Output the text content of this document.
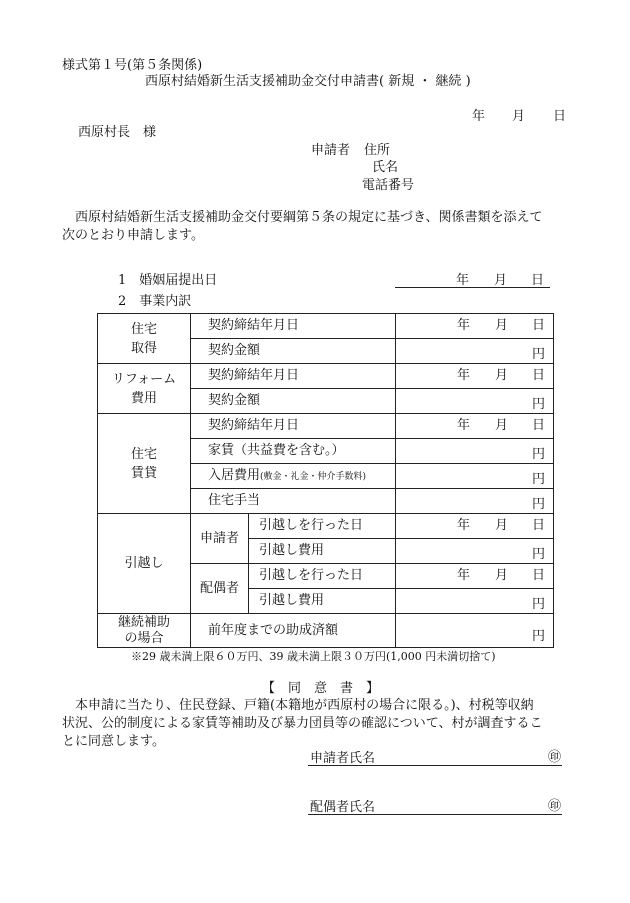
様式第１号(第５条関係)
西原村結婚新生活支援補助金交付申請書( 新規 ・ 継続 )
年 月 日
西原村長　様
申請者 住所
氏名
電話番号
　西原村結婚新生活支援補助金交付要綱第５条の規定に基づき、関係書類を添えて
次のとおり申請します。
1　婚姻届提出日	年 月 日
2　事業内訳
住宅
取得	契約締結年月日		年 月 日

	契約金額		円

リフォーム
費用	契約締結年月日		年 月 日

	契約金額		円

住宅
賃貸	契約締結年月日		年 月 日

	家賃（共益費を含む。）		円

	入居費用(敷金・礼金・仲介手数料)		円

	住宅手当		円

引越し	申請者	引越しを行った日	年 月 日

		引越し費用	円

	配偶者	引越しを行った日	年 月 日

		引越し費用	円

継続補助
の場合	前年度までの助成済額		円
※29 歳未満上限６０万円、39 歳未満上限３０万円(1,000 円未満切捨て)
【　同　意　書　】
　本申請に当たり、住民登録、戸籍(本籍地が西原村の場合に限る。)、村税等収納
状況、公的制度による家賃等補助及び暴力団員等の確認について、村が調査するこ
とに同意します。
申請者氏名	㊞
配偶者氏名	㊞
